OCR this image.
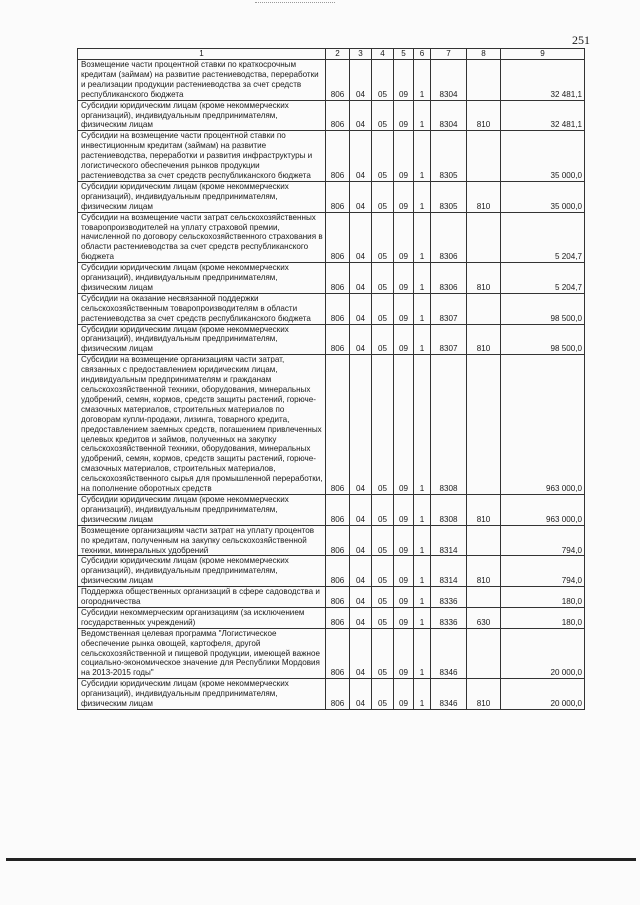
251
1	2	3	4	5	6	7	8	9
Возмещение части процентной ставки по краткосрочным кредитам (займам) на развитие растениеводства, переработки и реализации продукции растениеводства за счет средств республиканского бюджета	806	04	05	09	1	8304		32 481,1
Субсидии юридическим лицам (кроме некоммерческих организаций), индивидуальным предпринимателям, физическим лицам	806	04	05	09	1	8304	810	32 481,1
Субсидии на возмещение части процентной ставки по инвестиционным кредитам (займам) на развитие растениеводства, переработки и развития инфраструктуры и логистического обеспечения рынков продукции растениеводства за счет средств республиканского бюджета	806	04	05	09	1	8305		35 000,0
Субсидии юридическим лицам (кроме некоммерческих организаций), индивидуальным предпринимателям, физическим лицам	806	04	05	09	1	8305	810	35 000,0
Субсидии на возмещение части затрат сельскохозяйственных товаропроизводителей на уплату страховой премии, начисленной по договору сельскохозяйственного страхования в области растениеводства за счет средств республиканского бюджета	806	04	05	09	1	8306		5 204,7
Субсидии юридическим лицам (кроме некоммерческих организаций), индивидуальным предпринимателям, физическим лицам	806	04	05	09	1	8306	810	5 204,7
Субсидии на оказание несвязанной поддержки сельскохозяйственным товаропроизводителям в области растениеводства за счет средств республиканского бюджета	806	04	05	09	1	8307		98 500,0
Субсидии юридическим лицам (кроме некоммерческих организаций), индивидуальным предпринимателям, физическим лицам	806	04	05	09	1	8307	810	98 500,0
Субсидии на возмещение организациям части затрат, связанных с предоставлением юридическим лицам, индивидуальным предпринимателям и гражданам сельскохозяйственной техники, оборудования, минеральных удобрений, семян, кормов, средств защиты растений, горюче-смазочных материалов, строительных материалов по договорам купли-продажи, лизинга, товарного кредита, предоставлением заемных средств, погашением привлеченных целевых кредитов и займов, полученных на закупку сельскохозяйственной техники, оборудования, минеральных удобрений, семян, кормов, средств защиты растений, горюче-смазочных материалов, строительных материалов, сельскохозяйственного сырья для промышленной переработки, на пополнение оборотных средств	806	04	05	09	1	8308		963 000,0
Субсидии юридическим лицам (кроме некоммерческих организаций), индивидуальным предпринимателям, физическим лицам	806	04	05	09	1	8308	810	963 000,0
Возмещение организациям части затрат на уплату процентов по кредитам, полученным на закупку сельскохозяйственной техники, минеральных удобрений	806	04	05	09	1	8314		794,0
Субсидии юридическим лицам (кроме некоммерческих организаций), индивидуальным предпринимателям, физическим лицам	806	04	05	09	1	8314	810	794,0
Поддержка общественных организаций в сфере садоводства и огородничества	806	04	05	09	1	8336		180,0
Субсидии некоммерческим организациям (за исключением государственных учреждений)	806	04	05	09	1	8336	630	180,0
Ведомственная целевая программа "Логистическое обеспечение рынка овощей, картофеля, другой сельскохозяйственной и пищевой продукции, имеющей важное социально-экономическое значение для Республики Мордовия на 2013-2015 годы"	806	04	05	09	1	8346		20 000,0
Субсидии юридическим лицам (кроме некоммерческих организаций), индивидуальным предпринимателям, физическим лицам	806	04	05	09	1	8346	810	20 000,0
